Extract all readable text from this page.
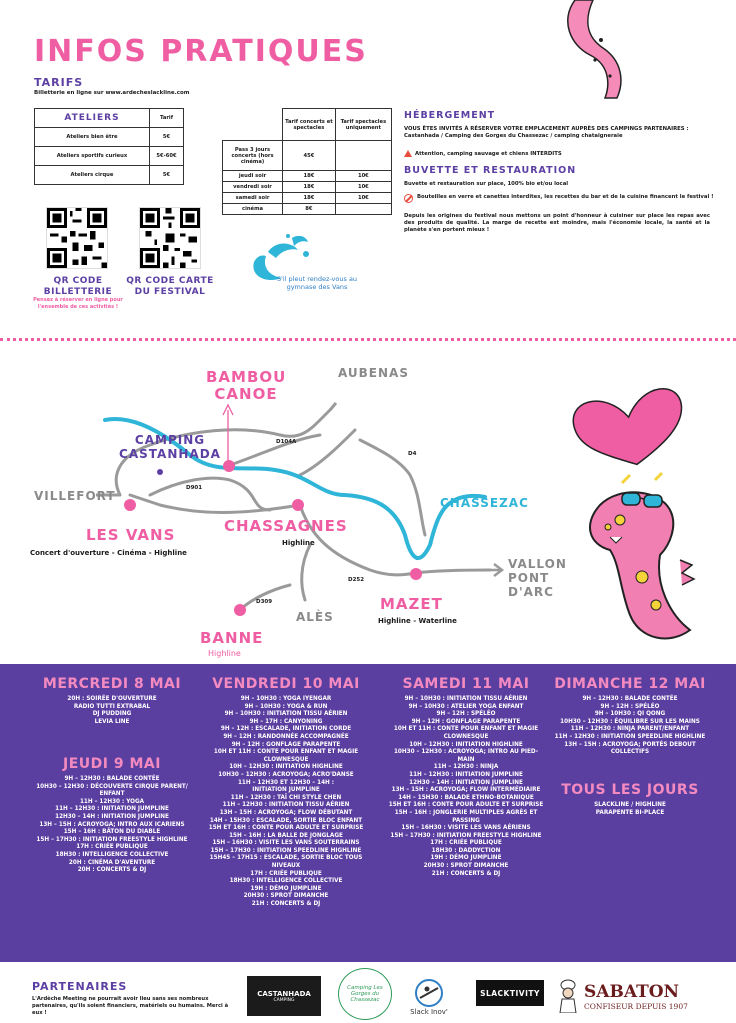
INFOS PRATIQUES
TARIFS
Billetterie en ligne sur www.ardecheslackline.com
ATELIERS	Tarif
Ateliers bien être	5€
Ateliers sportifs curieux	5€-60€
Ateliers cirque	5€
	Tarif concerts et spectacles	Tarif spectacles uniquement
Pass 3 jours concerts (hors cinéma)	45€	
jeudi soir	18€	10€
vendredi soir	18€	10€
samedi soir	18€	10€
cinéma	8€	
QR CODE BILLETTERIE
QR CODE CARTE DU FESTIVAL
Pensez à réserver en ligne pour l'ensemble de ces activités !
S'il pleut rendez-vous au gymnase des Vans
HÉBERGEMENT
VOUS ÊTES INVITÉS À RÉSERVER VOTRE EMPLACEMENT AUPRÈS DES CAMPINGS PARTENAIRES : Castanhada / Camping des Gorges du Chassezac / camping chataigneraie
Attention, camping sauvage et chiens INTERDITS
BUVETTE ET RESTAURATION
Buvette et restauration sur place, 100% bio et/ou local
Bouteilles en verre et canettes interdites, les recettes du bar et de la cuisine financent le festival !
Depuis les origines du festival nous mettons un point d'honneur à cuisiner sur place les repas avec des produits de qualité. La marge de recette est moindre, mais l'économie locale, la santé et la planète s'en portent mieux !
BAMBOU CANOE
AUBENAS
CAMPING CASTANHADA
VILLEFORT
LES VANS
Concert d'ouverture - Cinéma - Highline
CHASSAGNES
Highline
CHASSEZAC
VALLON PONT D'ARC
MAZET
Highline - Waterline
ALÈS
BANNE
Highline
D104A
D901
D252
D309
D4
MERCREDI 8 MAI
20H : SOIRÉE D'OUVERTURE
RADIO TUTTI EXTRABAL
DJ PUDDING
LEVIA LINE
JEUDI 9 MAI
9H – 12H30 : BALADE CONTÉE
10H30 – 12H30 : DÉCOUVERTE CIRQUE PARENT/
ENFANT
11H – 12H30 : YOGA
11H – 12H30 : INITIATION JUMPLINE
12H30 – 14H : INITIATION JUMPLINE
13H – 15H : ACROYOGA; INTRO AUX ICARIENS
15H – 16H : BÂTON DU DIABLE
15H – 17H30 : INITIATION FREESTYLE HIGHLINE
17H : CRIÉE PUBLIQUE
18H30 : INTELLIGENCE COLLECTIVE
20H : CINÉMA D'AVENTURE
20H : CONCERTS & DJ
VENDREDI 10 MAI
9H – 10H30 : YOGA IYENGAR
9H – 10H30 : YOGA & RUN
9H – 10H30 : INITIATION TISSU AÉRIEN
9H – 17H : CANYONING
9H – 12H : ESCALADE, INITIATION CORDE
9H – 12H : RANDONNÉE ACCOMPAGNÉE
9H – 12H : GONFLAGE PARAPENTE
10H ET 11H : CONTE POUR ENFANT ET MAGIE
CLOWNESQUE
10H – 12H30 : INITIATION HIGHLINE
10H30 – 12H30 : ACROYOGA; ACRO'DANSE
11H – 12H30 ET 12H30 – 14H :
INITIATION JUMPLINE
11H – 12H30 : TAÏ CHI STYLE CHEN
11H – 12H30 : INITIATION TISSU AÉRIEN
13H – 15H : ACROYOGA; FLOW DÉBUTANT
14H – 15H30 : ESCALADE, SORTIE BLOC ENFANT
15H ET 16H : CONTE POUR ADULTE ET SURPRISE
15H – 16H : LA BALLE DE JONGLAGE
15H – 16H30 : VISITE LES VANS SOUTERRAINS
15H – 17H30 : INITIATION SPEEDLINE HIGHLINE
15H45 – 17H15 : ESCALADE, SORTIE BLOC TOUS
NIVEAUX
17H : CRIÉE PUBLIQUE
18H30 : INTELLIGENCE COLLECTIVE
19H : DÉMO JUMPLINE
20H30 : SPROT DIMANCHE
21H : CONCERTS & DJ
SAMEDI 11 MAI
9H – 10H30 : INITIATION TISSU AÉRIEN
9H – 10H30 : ATELIER YOGA ENFANT
9H – 12H : SPÉLÉO
9H – 12H : GONFLAGE PARAPENTE
10H ET 11H : CONTE POUR ENFANT ET MAGIE
CLOWNESQUE
10H – 12H30 : INITIATION HIGHLINE
10H30 – 12H30 : ACROYOGA; INTRO AU PIED-
MAIN
11H – 12H30 : NINJA
11H – 12H30 : INITIATION JUMPLINE
12H30 – 14H : INITIATION JUMPLINE
13H – 15H : ACROYOGA; FLOW INTERMÉDIAIRE
14H – 15H30 : BALADE ETHNO-BOTANIQUE
15H ET 16H : CONTE POUR ADULTE ET SURPRISE
15H – 16H : JONGLERIE MULTIPLES AGRÈS ET
PASSING
15H – 16H30 : VISITE LES VANS AÉRIENS
15H – 17H30 : INITIATION FREESTYLE HIGHLINE
17H : CRIÉE PUBLIQUE
18H30 : DADDYCTION
19H : DÉMO JUMPLINE
20H30 : SPROT DIMANCHE
21H : CONCERTS & DJ
DIMANCHE 12 MAI
9H – 12H30 : BALADE CONTÉE
9H – 12H : SPÉLÉO
9H – 10H30 : QI QONG
10H30 – 12H30 : ÉQUILIBRE SUR LES MAINS
11H – 12H30 : NINJA PARENT/ENFANT
11H – 12H30 : INITIATION SPEEDLINE HIGHLINE
13H – 15H : ACROYOGA; PORTÉS DEBOUT
COLLECTIFS
TOUS LES JOURS
SLACKLINE / HIGHLINE
PARAPENTE BI-PLACE
PARTENAIRES
L'Ardèche Meeting ne pourrait avoir lieu sans ses nombreux partenaires, qu'ils soient financiers, matériels ou humains. Merci à eux !
CASTANHADA
CAMPING
Camping Les Gorges du Chassezac
Slack Inov'
SLACKTIVITY	SABATON
CONFISEUR DEPUIS 1907
